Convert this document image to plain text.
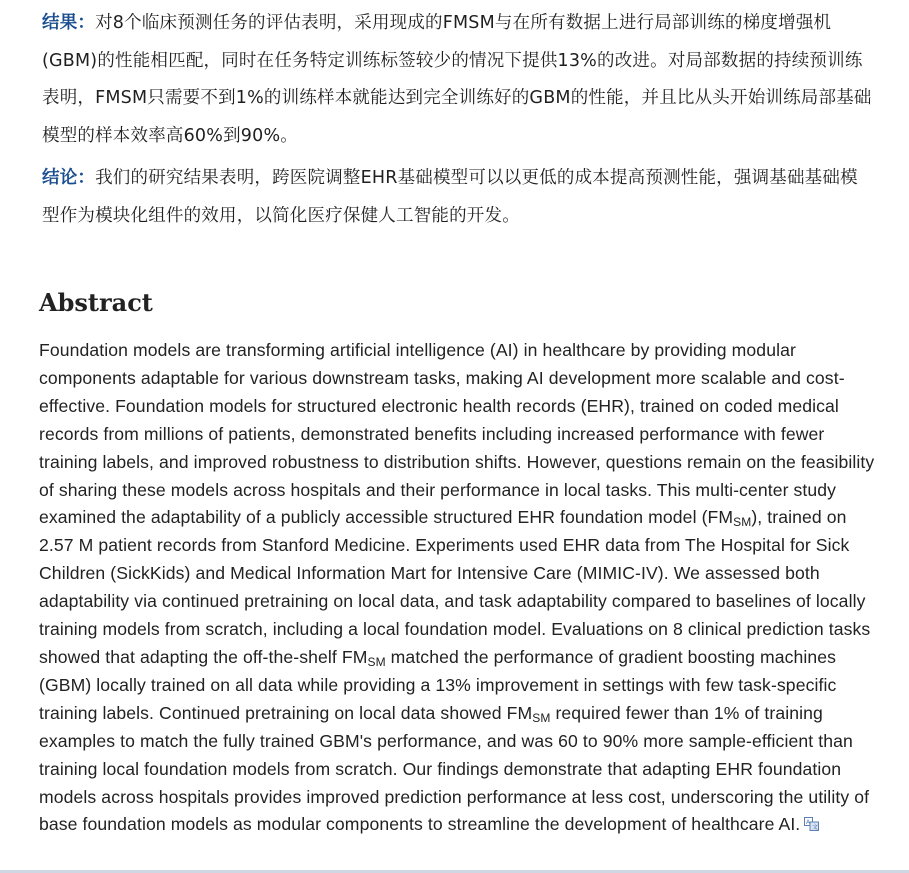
结果：对8个临床预测任务的评估表明，采用现成的FMSM与在所有数据上进行局部训练的梯度增强机(GBM)的性能相匹配，同时在任务特定训练标签较少的情况下提供13%的改进。对局部数据的持续预训练表明，FMSM只需要不到1%的训练样本就能达到完全训练好的GBM的性能，并且比从头开始训练局部基础模型的样本效率高60%到90%。

结论：我们的研究结果表明，跨医院调整EHR基础模型可以以更低的成本提高预测性能，强调基础基础模型作为模块化组件的效用，以简化医疗保健人工智能的开发。

Abstract

Foundation models are transforming artificial intelligence (AI) in healthcare by providing modular components adaptable for various downstream tasks, making AI development more scalable and cost-effective. Foundation models for structured electronic health records (EHR), trained on coded medical records from millions of patients, demonstrated benefits including increased performance with fewer training labels, and improved robustness to distribution shifts. However, questions remain on the feasibility of sharing these models across hospitals and their performance in local tasks. This multi-center study examined the adaptability of a publicly accessible structured EHR foundation model $(FM_{SM})$, trained on 2.57 M patient records from Stanford Medicine. Experiments used EHR data from The Hospital for Sick Children (SickKids) and Medical Information Mart for Intensive Care (MIMIC-IV). We assessed both adaptability via continued pretraining on local data, and task adaptability compared to baselines of locally training models from scratch, including a local foundation model. Evaluations on 8 clinical prediction tasks showed that adapting the off-the-shelf $FM_{SM}$ matched the performance of gradient boosting machines (GBM) locally trained on all data while providing a 13% improvement in settings with few task-specific training labels. Continued pretraining on local data showed $FM_{SM}$ required fewer than 1% of training examples to match the fully trained GBM's performance, and was 60 to 90% more sample-efficient than training local foundation models from scratch. Our findings demonstrate that adapting EHR foundation models across hospitals provides improved prediction performance at less cost, underscoring the utility of base foundation models as modular components to streamline the development of healthcare AI. A
文
